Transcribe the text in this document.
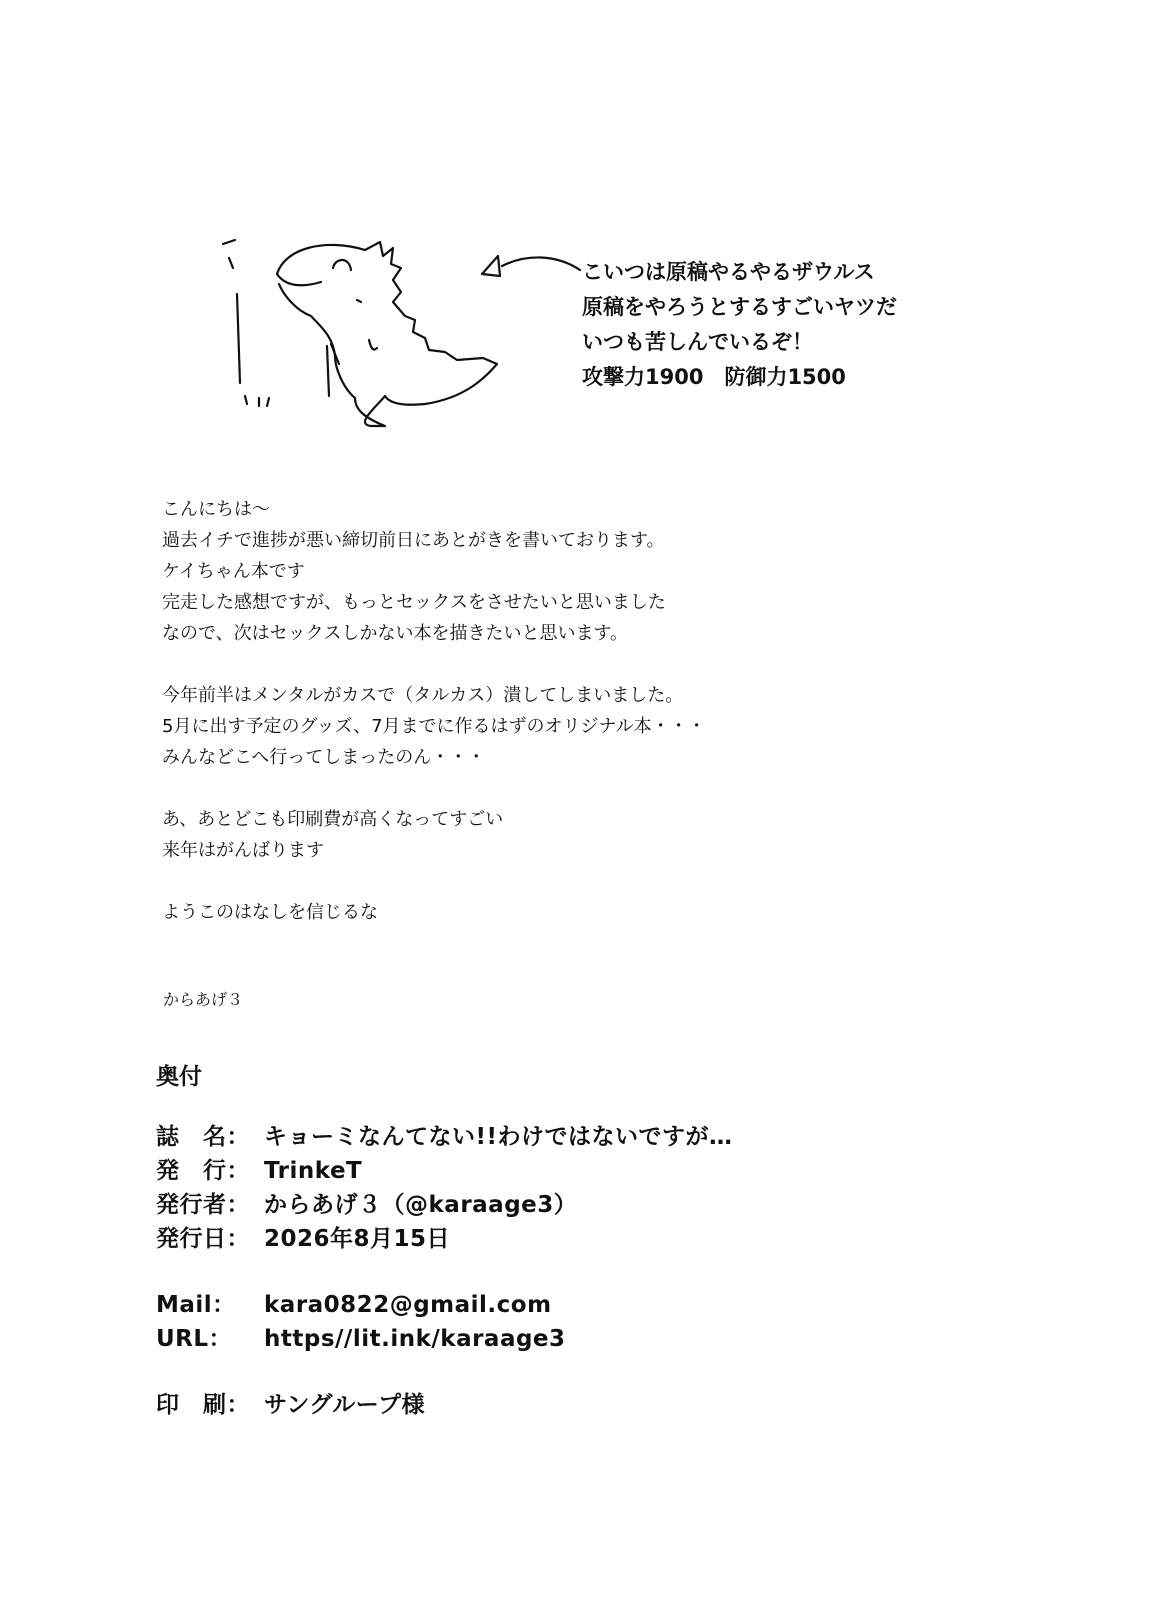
こいつは原稿やるやるザウルス
原稿をやろうとするすごいヤツだ
いつも苦しんでいるぞ！
攻撃力1900　防御力1500
こんにちは～
過去イチで進捗が悪い締切前日にあとがきを書いております。
ケイちゃん本です
完走した感想ですが、もっとセックスをさせたいと思いました
なので、次はセックスしかない本を描きたいと思います。
今年前半はメンタルがカスで（タルカス）潰してしまいました。
5月に出す予定のグッズ、7月までに作るはずのオリジナル本・・・
みんなどこへ行ってしまったのん・・・
あ、あとどこも印刷費が高くなってすごい
来年はがんばります
ようこのはなしを信じるな
からあげ３
奥付
誌　名： キョーミなんてない!!わけではないですが…
発　行： TrinkeT
発行者： からあげ３（@karaage3）
発行日： 2026年8月15日
Mail：	kara0822@gmail.com
URL：	https//lit.ink/karaage3
印　刷： サングループ様
